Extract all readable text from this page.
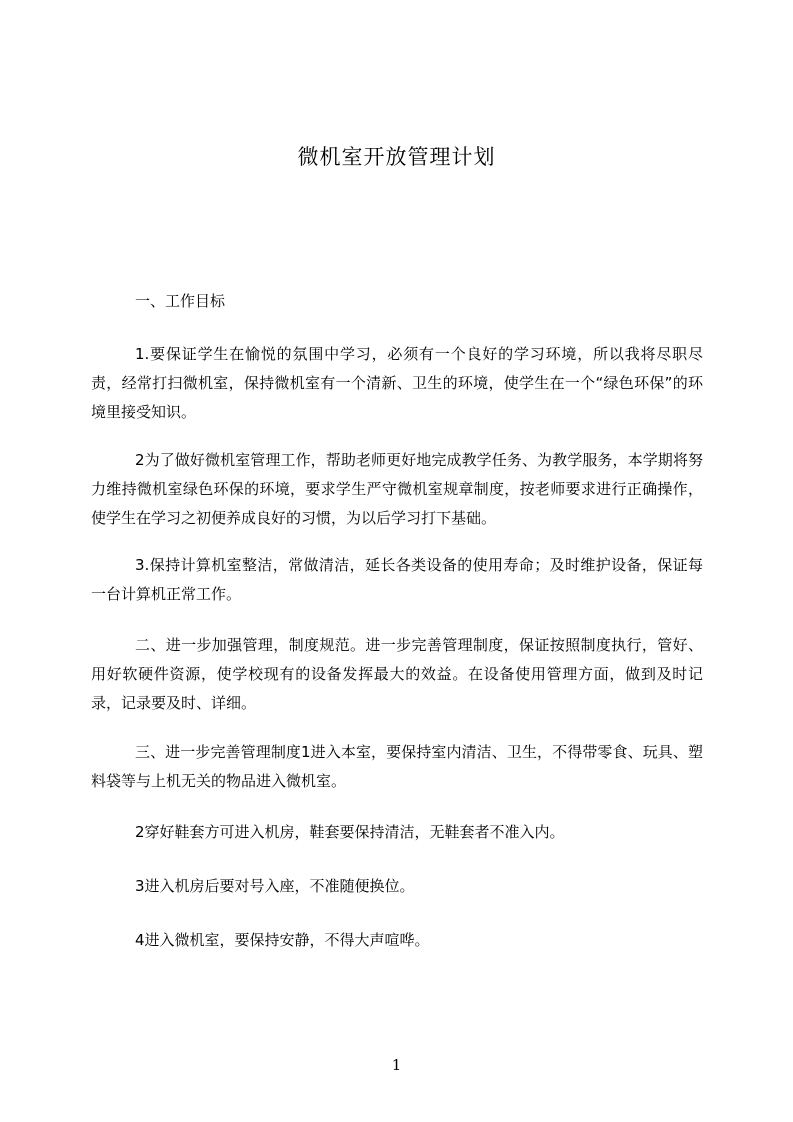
微机室开放管理计划

一、工作目标

1.要保证学生在愉悦的氛围中学习，必须有一个良好的学习环境，所以我将尽职尽责，经常打扫微机室，保持微机室有一个清新、卫生的环境，使学生在一个“绿色环保”的环境里接受知识。

2为了做好微机室管理工作，帮助老师更好地完成教学任务、为教学服务，本学期将努力维持微机室绿色环保的环境，要求学生严守微机室规章制度，按老师要求进行正确操作，使学生在学习之初便养成良好的习惯，为以后学习打下基础。

3.保持计算机室整洁，常做清洁，延长各类设备的使用寿命；及时维护设备，保证每一台计算机正常工作。

二、进一步加强管理，制度规范。进一步完善管理制度，保证按照制度执行，管好、用好软硬件资源，使学校现有的设备发挥最大的效益。在设备使用管理方面，做到及时记录，记录要及时、详细。

三、进一步完善管理制度1进入本室，要保持室内清洁、卫生，不得带零食、玩具、塑料袋等与上机无关的物品进入微机室。

2穿好鞋套方可进入机房，鞋套要保持清洁，无鞋套者不准入内。

3进入机房后要对号入座，不准随便换位。

4进入微机室，要保持安静，不得大声喧哗。

1
